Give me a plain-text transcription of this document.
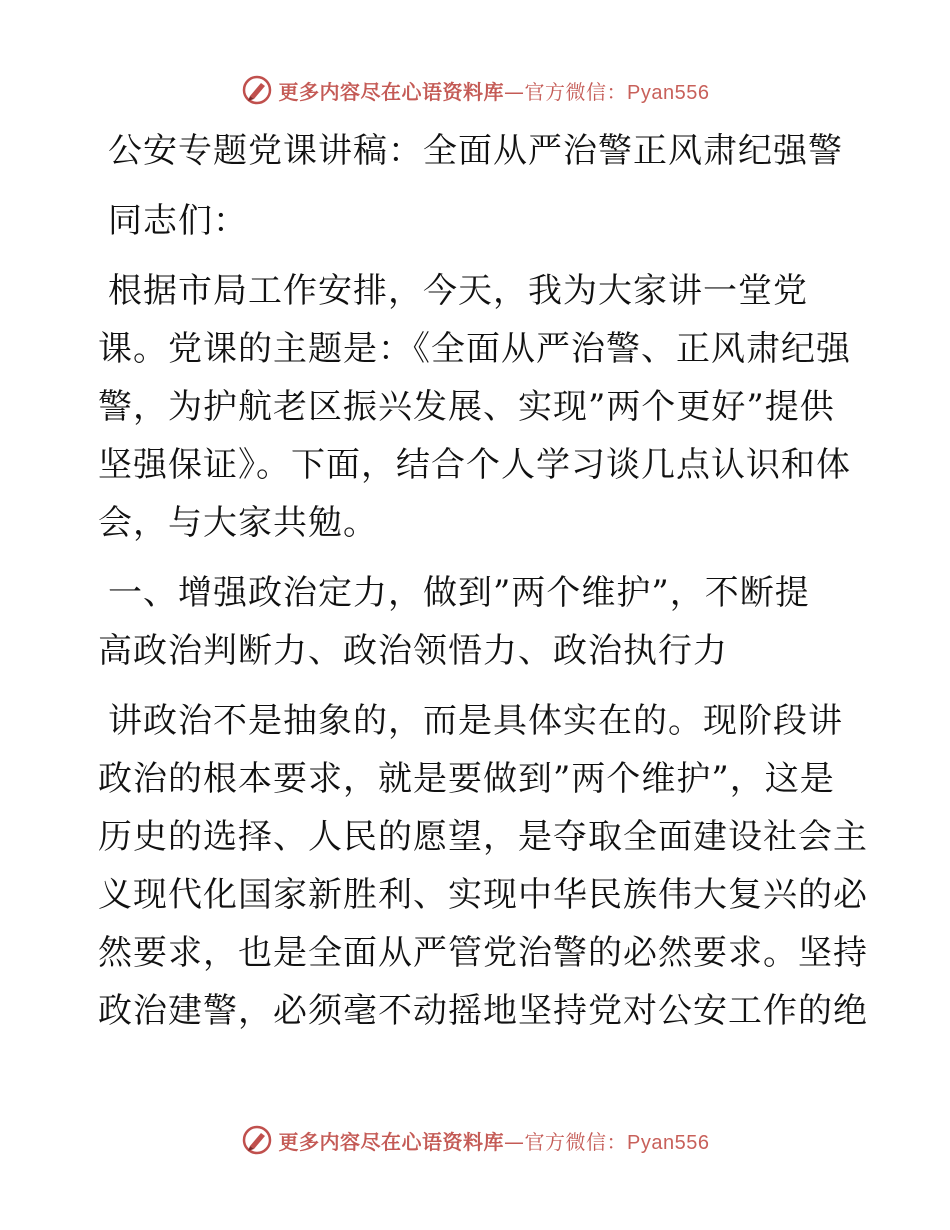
更多内容尽在心语资料库—官方微信：Pyan556
公安专题党课讲稿：全面从严治警正风肃纪强警
同志们：
根据市局工作安排，今天，我为大家讲一堂党
课。党课的主题是：《全面从严治警、正风肃纪强
警，为护航老区振兴发展、实现”两个更好”提供
坚强保证》。下面，结合个人学习谈几点认识和体
会，与大家共勉。
一、增强政治定力，做到”两个维护”，不断提
高政治判断力、政治领悟力、政治执行力
讲政治不是抽象的，而是具体实在的。现阶段讲
政治的根本要求，就是要做到”两个维护”，这是
历史的选择、人民的愿望，是夺取全面建设社会主
义现代化国家新胜利、实现中华民族伟大复兴的必
然要求，也是全面从严管党治警的必然要求。坚持
政治建警，必须毫不动摇地坚持党对公安工作的绝
更多内容尽在心语资料库—官方微信：Pyan556
